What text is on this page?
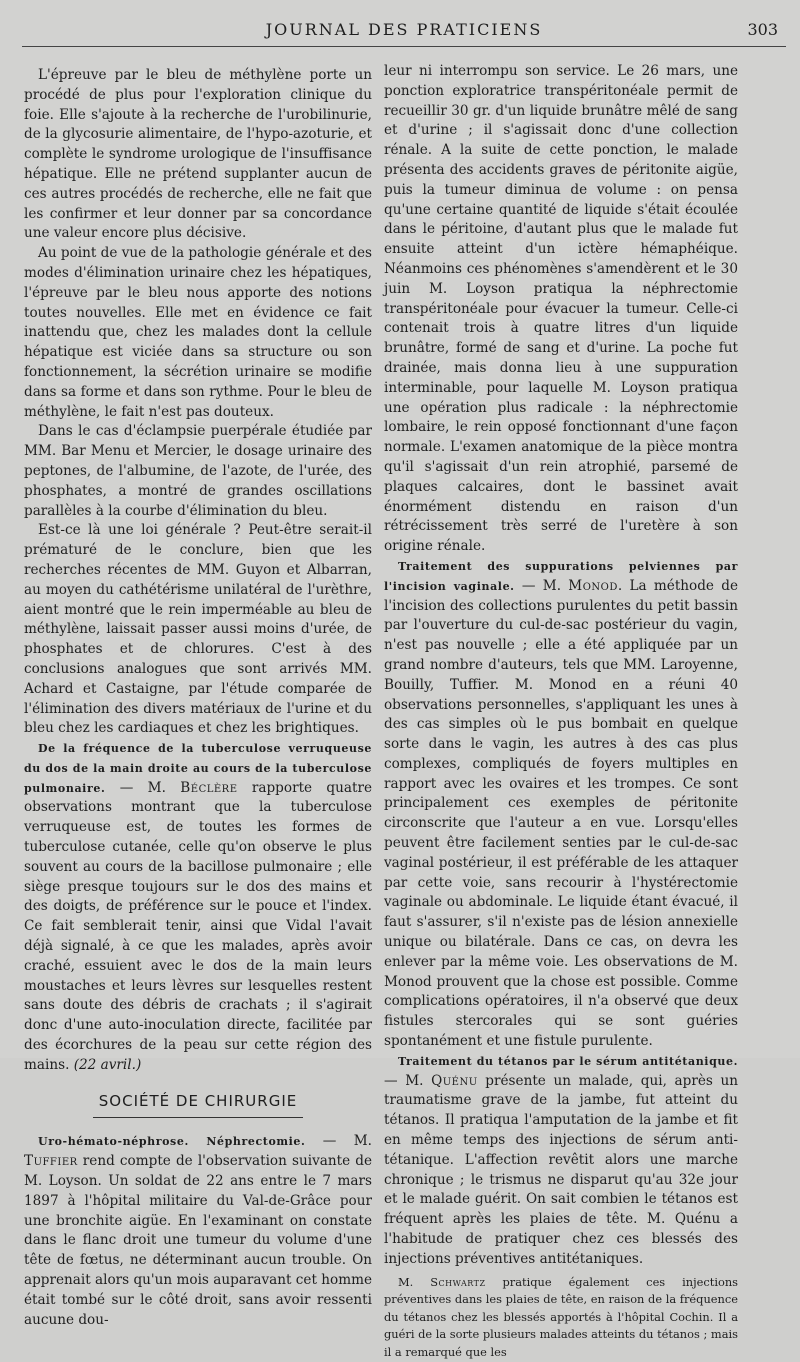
JOURNAL DES PRATICIENS	303

L'épreuve par le bleu de méthylène porte un procédé de plus pour l'exploration clinique du foie. Elle s'ajoute à la recherche de l'urobilinurie, de la glycosurie alimentaire, de l'hypo-azoturie, et complète le syndrome urologique de l'insuffisance hépatique. Elle ne prétend supplanter aucun de ces autres procédés de recherche, elle ne fait que les confirmer et leur donner par sa concordance une valeur encore plus décisive.

Au point de vue de la pathologie générale et des modes d'élimination urinaire chez les hépatiques, l'épreuve par le bleu nous apporte des notions toutes nouvelles. Elle met en évidence ce fait inattendu que, chez les malades dont la cellule hépatique est viciée dans sa structure ou son fonctionnement, la sécrétion urinaire se modifie dans sa forme et dans son rythme. Pour le bleu de méthylène, le fait n'est pas douteux.

Dans le cas d'éclampsie puerpérale étudiée par MM. Bar Menu et Mercier, le dosage urinaire des peptones, de l'albumine, de l'azote, de l'urée, des phosphates, a montré de grandes oscillations parallèles à la courbe d'élimination du bleu.

Est-ce là une loi générale ? Peut-être serait-il prématuré de le conclure, bien que les recherches récentes de MM. Guyon et Albarran, au moyen du cathétérisme unilatéral de l'urèthre, aient montré que le rein imperméable au bleu de méthylène, laissait passer aussi moins d'urée, de phosphates et de chlorures. C'est à des conclusions analogues que sont arrivés MM. Achard et Castaigne, par l'étude comparée de l'élimination des divers matériaux de l'urine et du bleu chez les cardiaques et chez les brightiques.

De la fréquence de la tuberculose verruqueuse du dos de la main droite au cours de la tuberculose pulmonaire. — M. Béclère rapporte quatre observations montrant que la tuberculose verruqueuse est, de toutes les formes de tuberculose cutanée, celle qu'on observe le plus souvent au cours de la bacillose pulmonaire ; elle siège presque toujours sur le dos des mains et des doigts, de préférence sur le pouce et l'index. Ce fait semblerait tenir, ainsi que Vidal l'avait déjà signalé, à ce que les malades, après avoir craché, essuient avec le dos de la main leurs moustaches et leurs lèvres sur lesquelles restent sans doute des débris de crachats ; il s'agirait donc d'une auto-inoculation directe, facilitée par des écorchures de la peau sur cette région des mains. (22 avril.)

SOCIÉTÉ DE CHIRURGIE

Uro-hémato-néphrose. Néphrectomie. — M. Tuffier rend compte de l'observation suivante de M. Loyson. Un soldat de 22 ans entre le 7 mars 1897 à l'hôpital militaire du Val-de-Grâce pour une bronchite aigüe. En l'examinant on constate dans le flanc droit une tumeur du volume d'une tête de fœtus, ne déterminant aucun trouble. On apprenait alors qu'un mois auparavant cet homme était tombé sur le côté droit, sans avoir ressenti aucune dou-

leur ni interrompu son service. Le 26 mars, une ponction exploratrice transpéritonéale permit de recueillir 30 gr. d'un liquide brunâtre mêlé de sang et d'urine ; il s'agissait donc d'une collection rénale. A la suite de cette ponction, le malade présenta des accidents graves de péritonite aigüe, puis la tumeur diminua de volume : on pensa qu'une certaine quantité de liquide s'était écoulée dans le péritoine, d'autant plus que le malade fut ensuite atteint d'un ictère hémaphéique. Néanmoins ces phénomènes s'amendèrent et le 30 juin M. Loyson pratiqua la néphrectomie transpéritonéale pour évacuer la tumeur. Celle-ci contenait trois à quatre litres d'un liquide brunâtre, formé de sang et d'urine. La poche fut drainée, mais donna lieu à une suppuration interminable, pour laquelle M. Loyson pratiqua une opération plus radicale : la néphrectomie lombaire, le rein opposé fonctionnant d'une façon normale. L'examen anatomique de la pièce montra qu'il s'agissait d'un rein atrophié, parsemé de plaques calcaires, dont le bassinet avait énormément distendu en raison d'un rétrécissement très serré de l'uretère à son origine rénale.

Traitement des suppurations pelviennes par l'incision vaginale. — M. Monod. La méthode de l'incision des collections purulentes du petit bassin par l'ouverture du cul-de-sac postérieur du vagin, n'est pas nouvelle ; elle a été appliquée par un grand nombre d'auteurs, tels que MM. Laroyenne, Bouilly, Tuffier. M. Monod en a réuni 40 observations personnelles, s'appliquant les unes à des cas simples où le pus bombait en quelque sorte dans le vagin, les autres à des cas plus complexes, compliqués de foyers multiples en rapport avec les ovaires et les trompes. Ce sont principalement ces exemples de péritonite circonscrite que l'auteur a en vue. Lorsqu'elles peuvent être facilement senties par le cul-de-sac vaginal postérieur, il est préférable de les attaquer par cette voie, sans recourir à l'hystérectomie vaginale ou abdominale. Le liquide étant évacué, il faut s'assurer, s'il n'existe pas de lésion annexielle unique ou bilatérale. Dans ce cas, on devra les enlever par la même voie. Les observations de M. Monod prouvent que la chose est possible. Comme complications opératoires, il n'a observé que deux fistules stercorales qui se sont guéries spontanément et une fistule purulente.

Traitement du tétanos par le sérum antitétanique. — M. Quénu présente un malade, qui, après un traumatisme grave de la jambe, fut atteint du tétanos. Il pratiqua l'amputation de la jambe et fit en même temps des injections de sérum anti-tétanique. L'affection revêtit alors une marche chronique ; le trismus ne disparut qu'au 32e jour et le malade guérit. On sait combien le tétanos est fréquent après les plaies de tête. M. Quénu a l'habitude de pratiquer chez ces blessés des injections préventives antitétaniques.

M. Schwartz pratique également ces injections préventives dans les plaies de tête, en raison de la fréquence du tétanos chez les blessés apportés à l'hôpital Cochin. Il a guéri de la sorte plusieurs malades atteints du tétanos ; mais il a remarqué que les
